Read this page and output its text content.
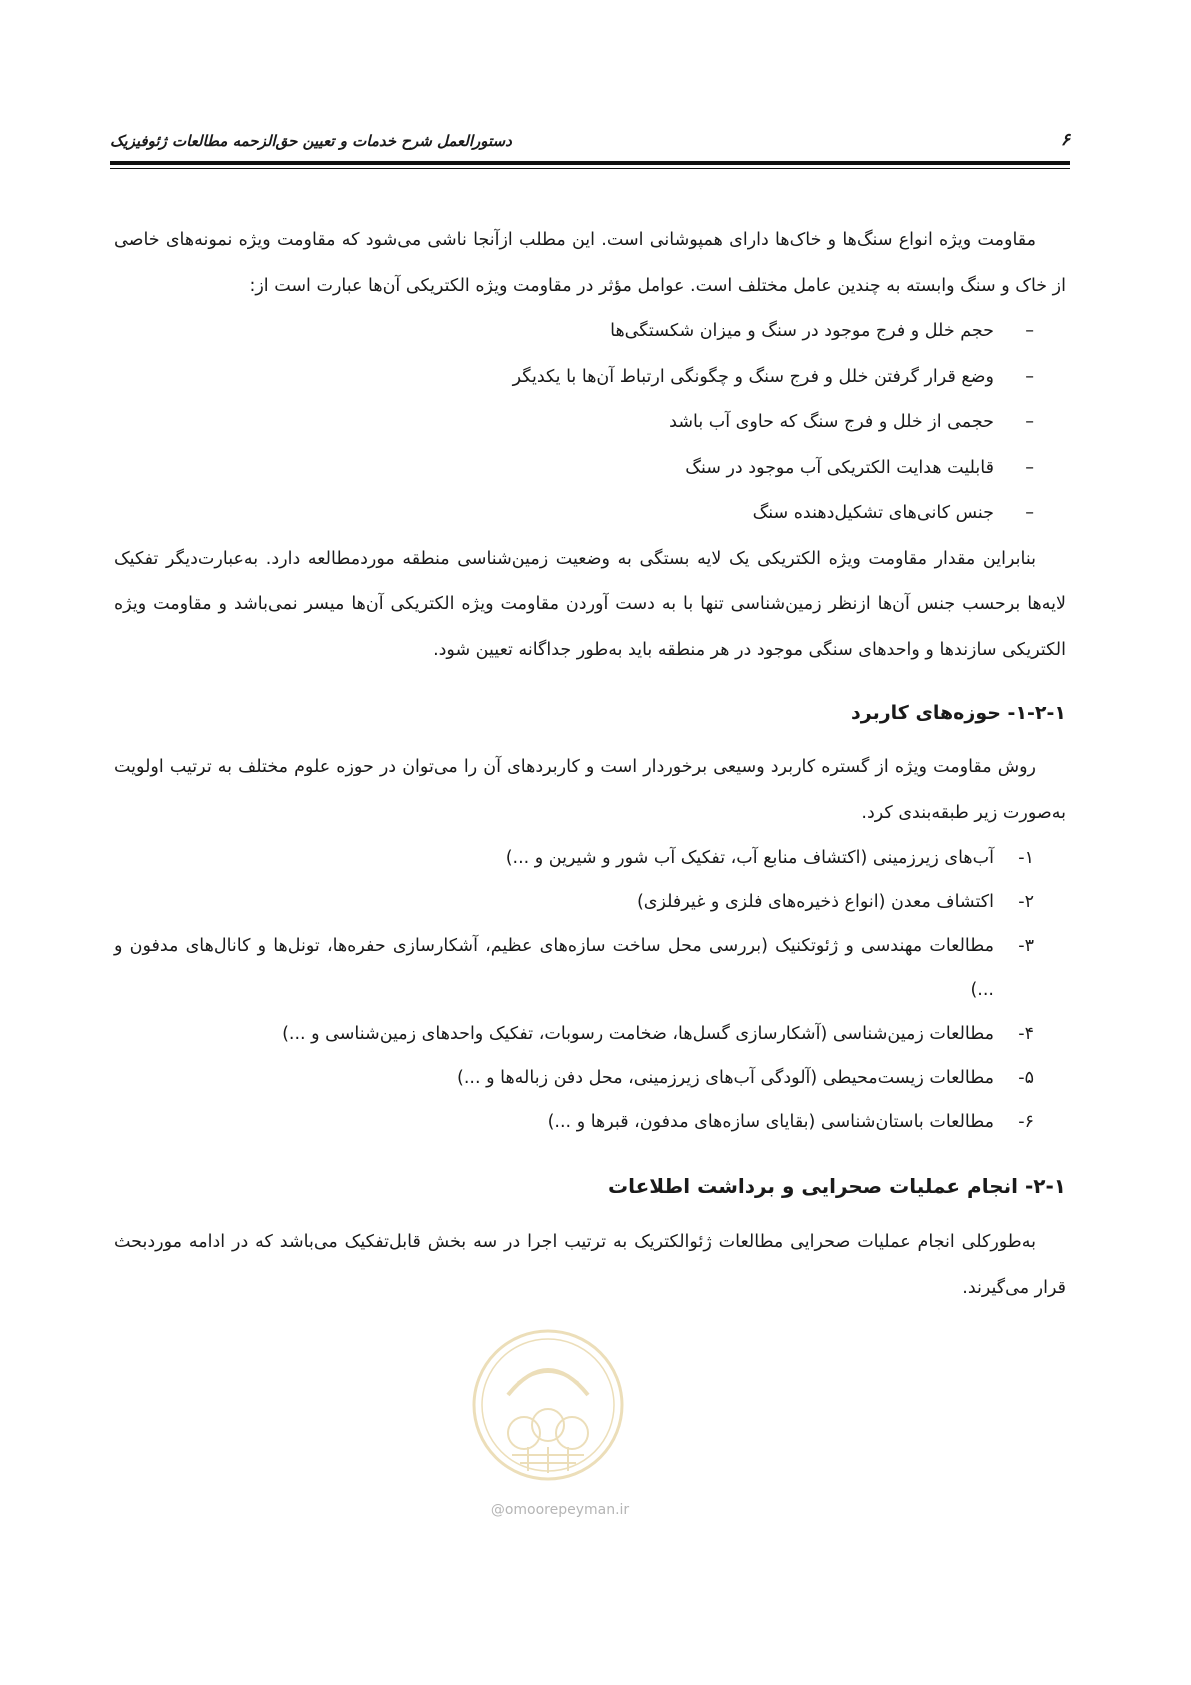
۶
دستورالعمل شرح خدمات و تعیین حق‌الزحمه مطالعات ژئوفیزیک

مقاومت ویژه انواع سنگ‌ها و خاک‌ها دارای همپوشانی است. این مطلب ازآنجا ناشی می‌شود که مقاومت ویژه نمونه‌های خاصی از خاک و سنگ وابسته به چندین عامل مختلف است. عوامل مؤثر در مقاومت ویژه الکتریکی آن‌ها عبارت است از:

–
حجم خلل و فرج موجود در سنگ و میزان شکستگی‌ها
–
وضع قرار گرفتن خلل و فرج سنگ و چگونگی ارتباط آن‌ها با یکدیگر
–
حجمی از خلل و فرج سنگ که حاوی آب باشد
–
قابلیت هدایت الکتریکی آب موجود در سنگ
–
جنس کانی‌های تشکیل‌دهنده سنگ

بنابراین مقدار مقاومت ویژه الکتریکی یک لایه بستگی به وضعیت زمین‌شناسی منطقه موردمطالعه دارد. به‌عبارت‌دیگر تفکیک لایه‌ها برحسب جنس آن‌ها ازنظر زمین‌شناسی تنها با به دست آوردن مقاومت ویژه الکتریکی آن‌ها میسر نمی‌باشد و مقاومت ویژه الکتریکی سازندها و واحدهای سنگی موجود در هر منطقه باید به‌طور جداگانه تعیین شود.

۱-۲-۱- حوزه‌های کاربرد

روش مقاومت ویژه از گستره کاربرد وسیعی برخوردار است و کاربردهای آن را می‌توان در حوزه علوم مختلف به ترتیب اولویت به‌صورت زیر طبقه‌بندی کرد.

۱-
آب‌های زیرزمینی (اکتشاف منابع آب، تفکیک آب شور و شیرین و ...)
۲-
اکتشاف معدن (انواع ذخیره‌های فلزی و غیرفلزی)
۳-
مطالعات مهندسی و ژئوتکنیک (بررسی محل ساخت سازه‌های عظیم، آشکارسازی حفره‌ها، تونل‌ها و کانال‌های مدفون و ...)
۴-
مطالعات زمین‌شناسی (آشکارسازی گسل‌ها، ضخامت رسوبات، تفکیک واحدهای زمین‌شناسی و ...)
۵-
مطالعات زیست‌محیطی (آلودگی آب‌های زیرزمینی، محل دفن زباله‌ها و ...)
۶-
مطالعات باستان‌شناسی (بقایای سازه‌های مدفون، قبرها و ...)
۲-۱- انجام عملیات صحرایی و برداشت اطلاعات

به‌طورکلی انجام عملیات صحرایی مطالعات ژئوالکتریک به ترتیب اجرا در سه بخش قابل‌تفکیک می‌باشد که در ادامه موردبحث قرار می‌گیرند.

@omoorepeyman.ir
